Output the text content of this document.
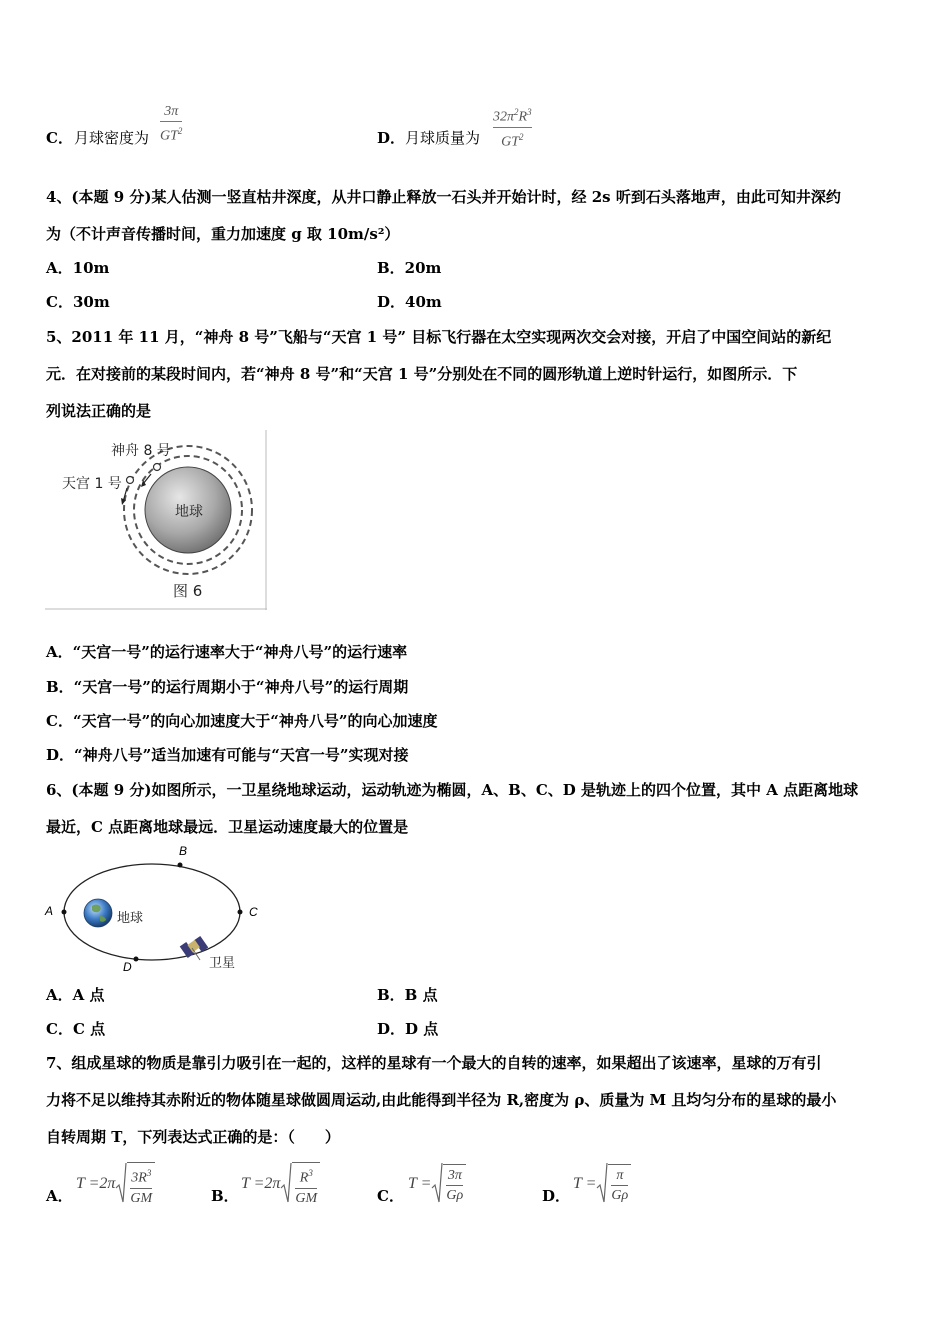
C． 月球密度为
3π
$GT^2$	D． 月球质量为
$32\pi^2R^3$
$GT^2$
4、(本题 9 分)某人估测一竖直枯井深度，从井口静止释放一石头并开始计时，经 2s 听到石头落地声，由此可知井深约
为（不计声音传播时间，重力加速度 g 取 10m/s²）
A．10m	B．20m
C．30m	D．40m
5、2011 年 11 月，“神舟 8 号”飞船与“天宫 1 号” 目标飞行器在太空实现两次交会对接，开启了中国空间站的新纪
元．在对接前的某段时间内，若“神舟 8 号”和“天宫 1 号”分别处在不同的圆形轨道上逆时针运行，如图所示．下
列说法正确的是
神舟 8 号
天宫 1 号
地球
图 6
A．“天宫一号”的运行速率大于“神舟八号”的运行速率
B．“天宫一号”的运行周期小于“神舟八号”的运行周期
C．“天宫一号”的向心加速度大于“神舟八号”的向心加速度
D．“神舟八号”适当加速有可能与“天宫一号”实现对接
6、(本题 9 分)如图所示，一卫星绕地球运动，运动轨迹为椭圆，A、B、C、D 是轨迹上的四个位置，其中 A 点距离地球
最近，C 点距离地球最远．卫星运动速度最大的位置是
A
B
C
D
地球
卫星
A．A 点	B．B 点
C．C 点	D．D 点
7、组成星球的物质是靠引力吸引在一起的，这样的星球有一个最大的自转的速率，如果超出了该速率，星球的万有引
力将不足以维持其赤附近的物体随星球做圆周运动,由此能得到半径为 R,密度为 ρ、质量为 M 且均匀分布的星球的最小
自转周期 T，下列表达式正确的是：（　　）
A．
T =2π $3R^3$
GM	B．
T =2π $R^3$
GM	C．
T = 3π
Gρ	D．
T = π
Gρ
